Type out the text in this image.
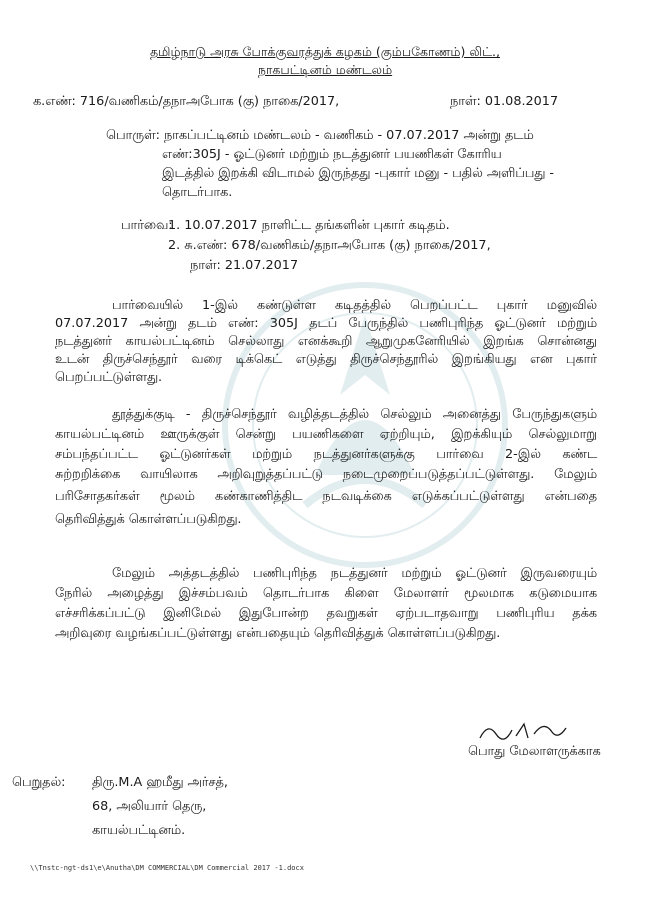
தமிழ்நாடு அரசு போக்குவரத்துக் கழகம் (கும்பகோணம்) லிட்.,
நாகபட்டினம் மண்டலம்
க.எண்: 716/வணிகம்/தநாஅபோக (கு) நாகை/2017,	நாள்: 01.08.2017
பொருள்: நாகப்பட்டினம் மண்டலம் - வணிகம் - 07.07.2017 அன்று தடம்
எண்:305J - ஓட்டுனர் மற்றும் நடத்துனர் பயணிகள் கோரிய
இடத்தில் இறக்கி விடாமல் இருந்தது -புகார் மனு - பதில் அளிப்பது -
தொடர்பாக.
பார்வை:
1. 10.07.2017 நாளிட்ட தங்களின் புகார் கடிதம்.
2. சு.எண்: 678/வணிகம்/தநாஅபோக (கு) நாகை/2017,
நாள்: 21.07.2017
பார்வையில் 1-இல் கண்டுள்ள கடிதத்தில் பெறப்பட்ட புகார் மனுவில்
07.07.2017 அன்று தடம் எண்: 305J தடப் பேருந்தில் பணிபுரிந்த ஓட்டுனர் மற்றும்
நடத்துனர் காயல்பட்டினம் செல்லாது எனக்கூறி ஆறுமுகனேரியில் இறங்க சொன்னது
உடன் திருச்செந்தூர் வரை டிக்கெட் எடுத்து திருச்செந்தூரில் இறங்கியது என புகார்
பெறப்பட்டுள்ளது.
தூத்துக்குடி - திருச்செந்தூர் வழித்தடத்தில் செல்லும் அனைத்து பேருந்துகளும்
காயல்பட்டினம் ஊருக்குள் சென்று பயணிகளை ஏற்றியும், இறக்கியும் செல்லுமாறு
சம்பந்தப்பட்ட ஓட்டுனர்கள் மற்றும் நடத்துனர்களுக்கு பார்வை 2-இல் கண்ட
சுற்றறிக்கை வாயிலாக அறிவுறுத்தப்பட்டு நடைமுறைப்படுத்தப்பட்டுள்ளது. மேலும்
பரிசோதகர்கள் மூலம் கண்காணித்திட நடவடிக்கை எடுக்கப்பட்டுள்ளது என்பதை
தெரிவித்துக் கொள்ளப்படுகிறது.
மேலும் அத்தடத்தில் பணிபுரிந்த நடத்துனர் மற்றும் ஓட்டுனர் இருவரையும்
நேரில் அழைத்து இச்சம்பவம் தொடர்பாக கிளை மேலாளர் மூலமாக கடுமையாக
எச்சரிக்கப்பட்டு இனிமேல் இதுபோன்ற தவறுகள் ஏற்படாதவாறு பணிபுரிய தக்க
அறிவுரை வழங்கப்பட்டுள்ளது என்பதையும் தெரிவித்துக் கொள்ளப்படுகிறது.
பொது மேலாளருக்காக
பெறுதல்: திரு.M.A ஹமீது அர்சத்,
68, அலியார் தெரு,
காயல்பட்டினம்.
\\Tnstc-ngt-ds1\e\Anutha\DM COMMERCIAL\DM Commercial 2017 -1.docx
